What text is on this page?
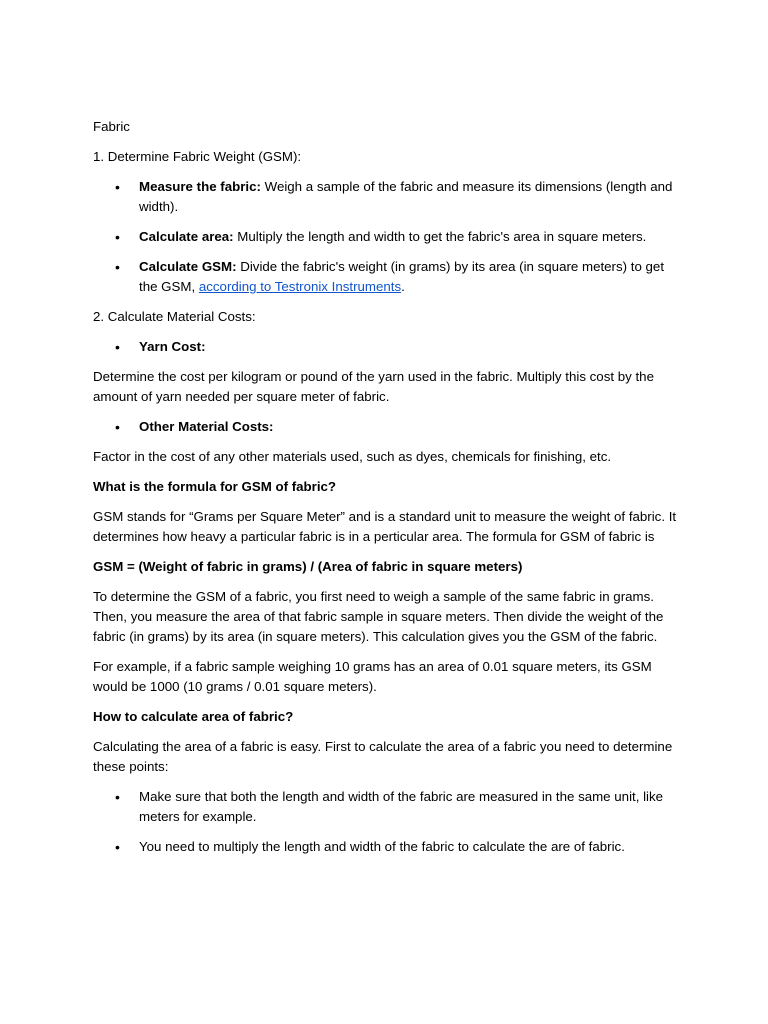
Fabric

1. Determine Fabric Weight (GSM):

• Measure the fabric: Weigh a sample of the fabric and measure its dimensions (length and width).
• Calculate area: Multiply the length and width to get the fabric's area in square meters.
• Calculate GSM: Divide the fabric's weight (in grams) by its area (in square meters) to get the GSM, according to Testronix Instruments.

2. Calculate Material Costs:

• Yarn Cost:

Determine the cost per kilogram or pound of the yarn used in the fabric. Multiply this cost by the amount of yarn needed per square meter of fabric.

• Other Material Costs:

Factor in the cost of any other materials used, such as dyes, chemicals for finishing, etc.

What is the formula for GSM of fabric?

GSM stands for “Grams per Square Meter” and is a standard unit to measure the weight of fabric. It determines how heavy a particular fabric is in a perticular area. The formula for GSM of fabric is

GSM = (Weight of fabric in grams) / (Area of fabric in square meters)

To determine the GSM of a fabric, you first need to weigh a sample of the same fabric in grams. Then, you measure the area of that fabric sample in square meters. Then divide the weight of the fabric (in grams) by its area (in square meters). This calculation gives you the GSM of the fabric.

For example, if a fabric sample weighing 10 grams has an area of 0.01 square meters, its GSM would be 1000 (10 grams / 0.01 square meters).

How to calculate area of fabric?

Calculating the area of a fabric is easy. First to calculate the area of a fabric you need to determine these points:

• Make sure that both the length and width of the fabric are measured in the same unit, like meters for example.
• You need to multiply the length and width of the fabric to calculate the are of fabric.
